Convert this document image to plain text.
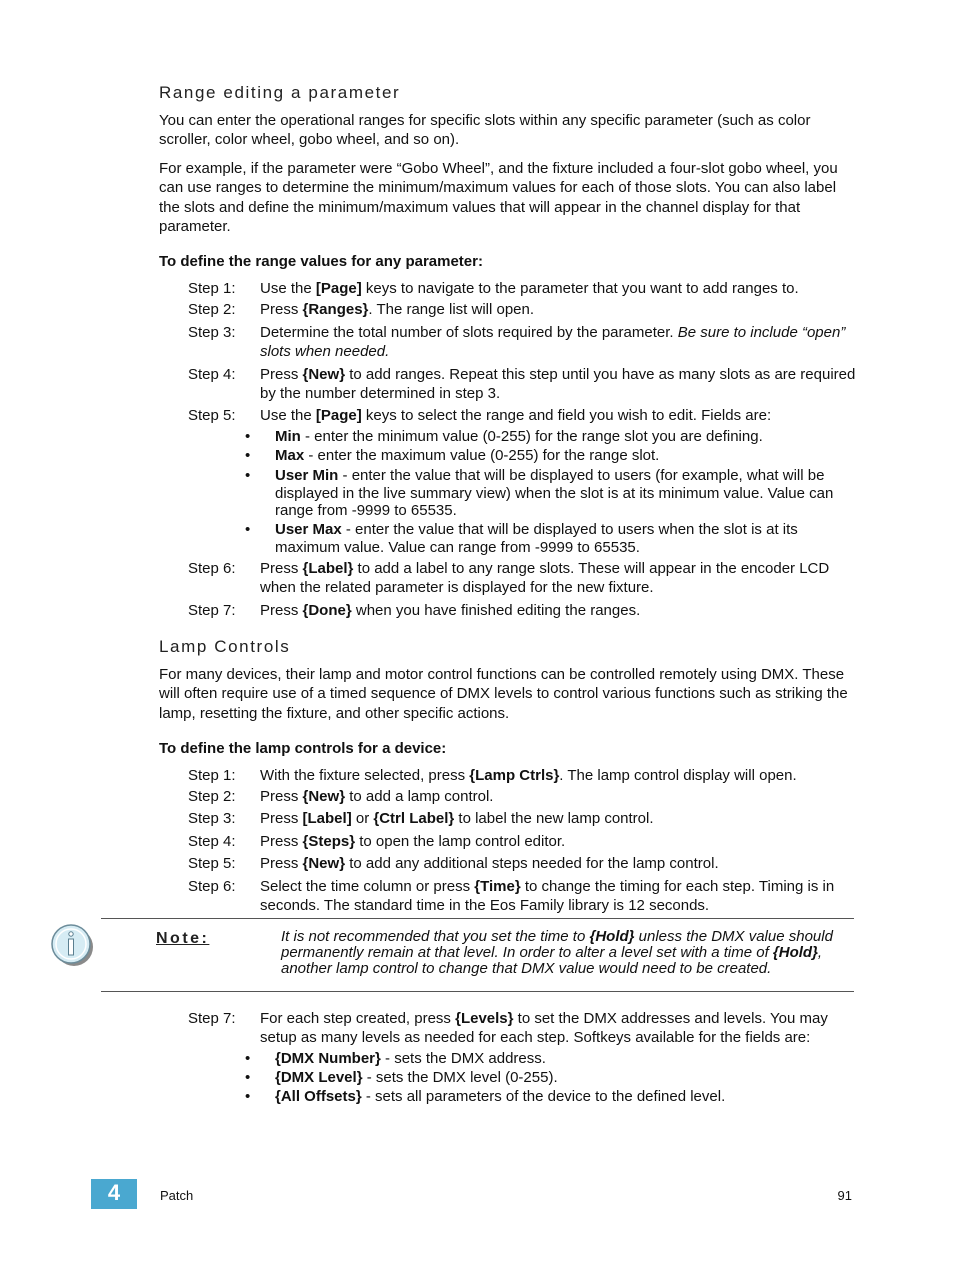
Range editing a parameter
You can enter the operational ranges for specific slots within any specific parameter (such as color scroller, color wheel, gobo wheel, and so on).
For example, if the parameter were “Gobo Wheel”, and the fixture included a four-slot gobo wheel, you can use ranges to determine the minimum/maximum values for each of those slots. You can also label the slots and define the minimum/maximum values that will appear in the channel display for that parameter.
To define the range values for any parameter:
Step 1: Use the [Page] keys to navigate to the parameter that you want to add ranges to.
Step 2: Press {Ranges}. The range list will open.
Step 3: Determine the total number of slots required by the parameter. Be sure to include “open” slots when needed.
Step 4: Press {New} to add ranges. Repeat this step until you have as many slots as are required by the number determined in step 3.
Step 5: Use the [Page] keys to select the range and field you wish to edit. Fields are:
• Min - enter the minimum value (0-255) for the range slot you are defining.
• Max - enter the maximum value (0-255) for the range slot.
• User Min - enter the value that will be displayed to users (for example, what will be displayed in the live summary view) when the slot is at its minimum value. Value can range from -9999 to 65535.
• User Max - enter the value that will be displayed to users when the slot is at its maximum value. Value can range from -9999 to 65535.
Step 6: Press {Label} to add a label to any range slots. These will appear in the encoder LCD when the related parameter is displayed for the new fixture.
Step 7: Press {Done} when you have finished editing the ranges.
Lamp Controls
For many devices, their lamp and motor control functions can be controlled remotely using DMX. These will often require use of a timed sequence of DMX levels to control various functions such as striking the lamp, resetting the fixture, and other specific actions.
To define the lamp controls for a device:
Step 1: With the fixture selected, press {Lamp Ctrls}. The lamp control display will open.
Step 2: Press {New} to add a lamp control.
Step 3: Press [Label] or {Ctrl Label} to label the new lamp control.
Step 4: Press {Steps} to open the lamp control editor.
Step 5: Press {New} to add any additional steps needed for the lamp control.
Step 6: Select the time column or press {Time} to change the timing for each step. Timing is in seconds. The standard time in the Eos Family library is 12 seconds.
Note:	It is not recommended that you set the time to {Hold} unless the DMX value should permanently remain at that level. In order to alter a level set with a time of {Hold}, another lamp control to change that DMX value would need to be created.
Step 7: For each step created, press {Levels} to set the DMX addresses and levels. You may setup as many levels as needed for each step. Softkeys available for the fields are:
• {DMX Number} - sets the DMX address.
• {DMX Level} - sets the DMX level (0-255).
• {All Offsets} - sets all parameters of the device to the defined level.
4	Patch	91
